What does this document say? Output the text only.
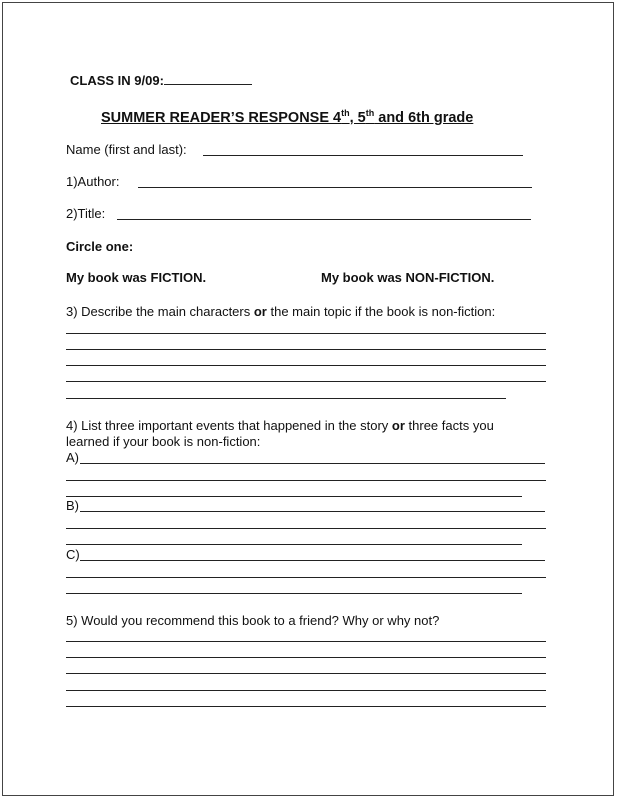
CLASS IN 9/09:
SUMMER READER’S RESPONSE 4th, 5th and 6th grade
Name (first and last):
1)Author:
2)Title:
Circle one:
My book was FICTION.	My book was NON-FICTION.
3) Describe the main characters or the main topic if the book is non-fiction:
4) List three important events that happened in the story or three facts you
learned if your book is non-fiction:
A)
B)
C)
5) Would you recommend this book to a friend? Why or why not?
